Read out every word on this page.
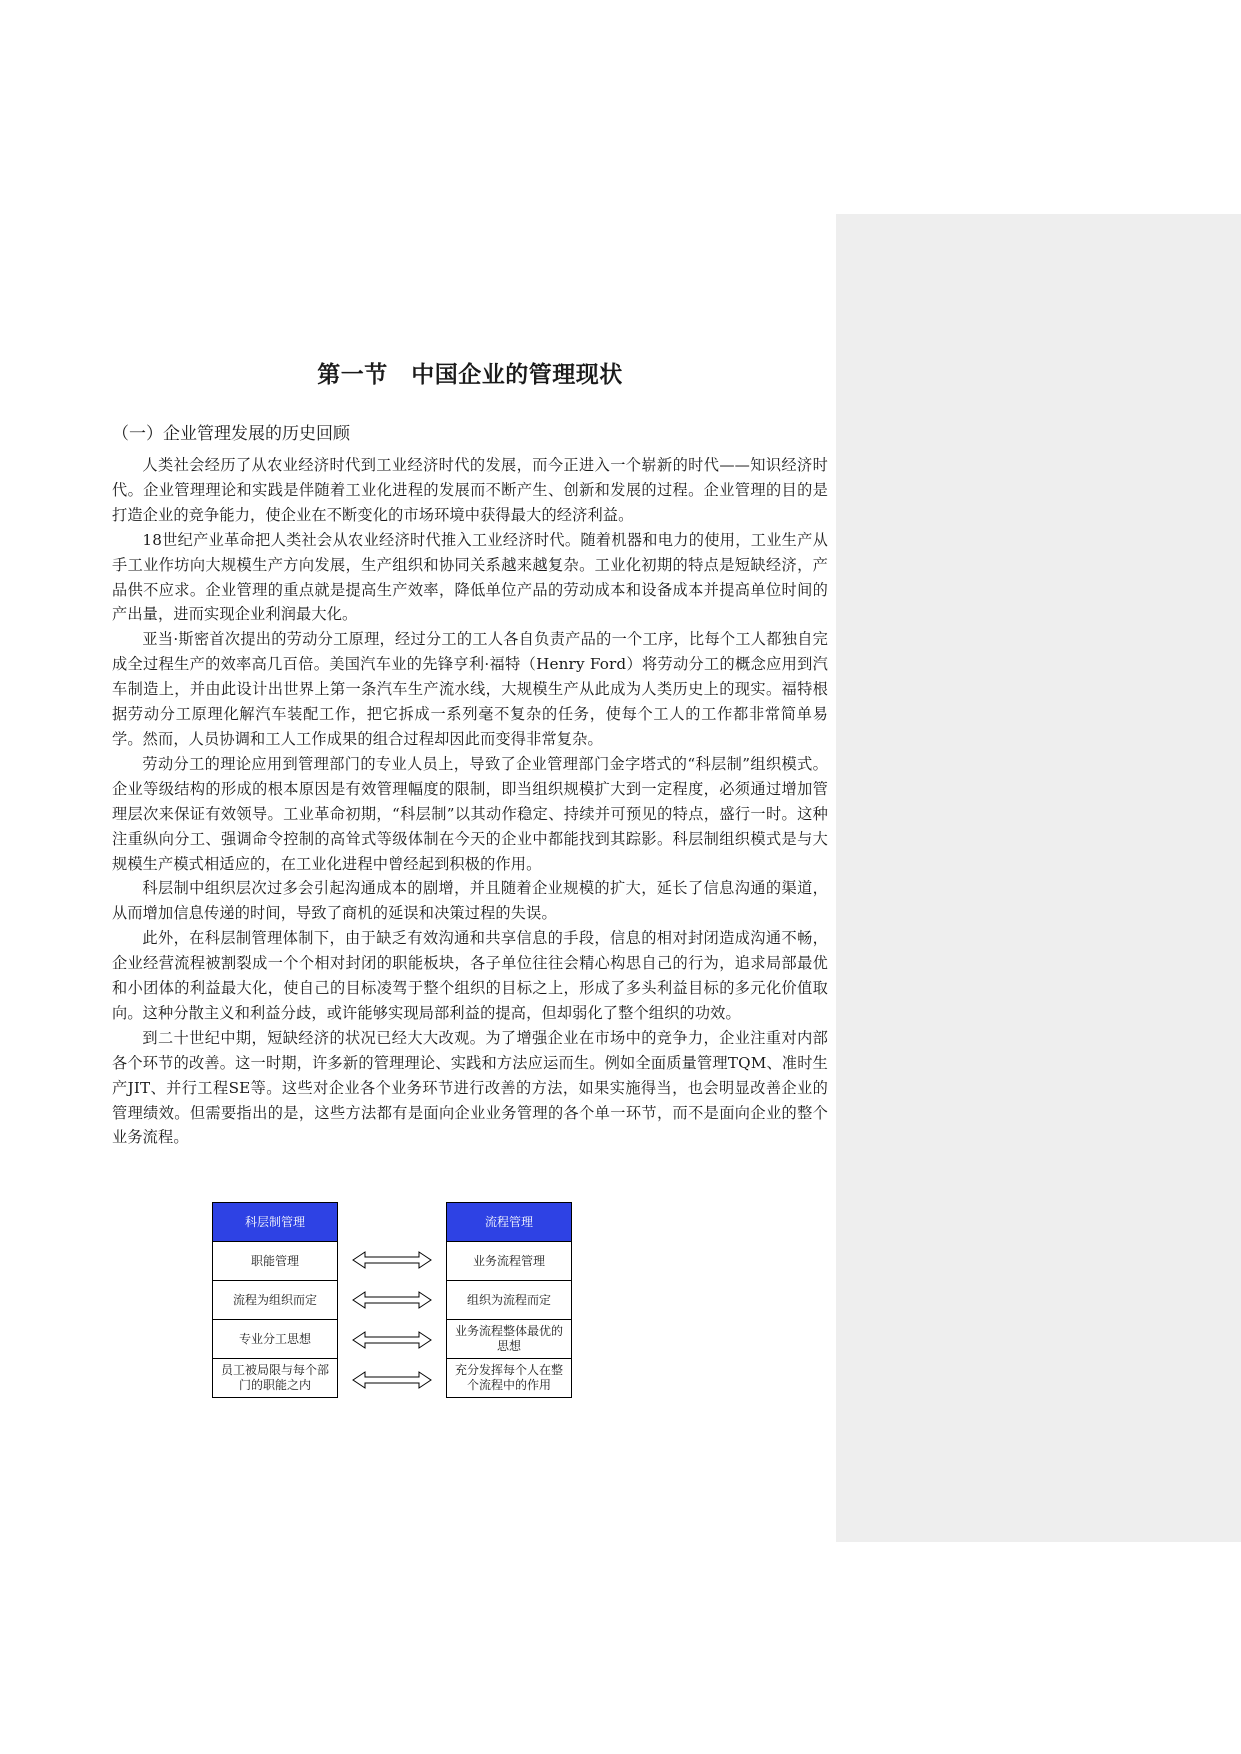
第一节　中国企业的管理现状
（一）企业管理发展的历史回顾

人类社会经历了从农业经济时代到工业经济时代的发展，而今正进入一个崭新的时代——知识经济时代。企业管理理论和实践是伴随着工业化进程的发展而不断产生、创新和发展的过程。企业管理的目的是打造企业的竞争能力，使企业在不断变化的市场环境中获得最大的经济利益。

18世纪产业革命把人类社会从农业经济时代推入工业经济时代。随着机器和电力的使用，工业生产从手工业作坊向大规模生产方向发展，生产组织和协同关系越来越复杂。工业化初期的特点是短缺经济，产品供不应求。企业管理的重点就是提高生产效率，降低单位产品的劳动成本和设备成本并提高单位时间的产出量，进而实现企业利润最大化。

亚当·斯密首次提出的劳动分工原理，经过分工的工人各自负责产品的一个工序，比每个工人都独自完成全过程生产的效率高几百倍。美国汽车业的先锋亨利·福特（Henry Ford）将劳动分工的概念应用到汽车制造上，并由此设计出世界上第一条汽车生产流水线，大规模生产从此成为人类历史上的现实。福特根据劳动分工原理化解汽车装配工作，把它拆成一系列毫不复杂的任务，使每个工人的工作都非常简单易学。然而，人员协调和工人工作成果的组合过程却因此而变得非常复杂。

劳动分工的理论应用到管理部门的专业人员上，导致了企业管理部门金字塔式的“科层制”组织模式。企业等级结构的形成的根本原因是有效管理幅度的限制，即当组织规模扩大到一定程度，必须通过增加管理层次来保证有效领导。工业革命初期，“科层制”以其动作稳定、持续并可预见的特点，盛行一时。这种注重纵向分工、强调命令控制的高耸式等级体制在今天的企业中都能找到其踪影。科层制组织模式是与大规模生产模式相适应的，在工业化进程中曾经起到积极的作用。

科层制中组织层次过多会引起沟通成本的剧增，并且随着企业规模的扩大，延长了信息沟通的渠道，从而增加信息传递的时间，导致了商机的延误和决策过程的失误。

此外，在科层制管理体制下，由于缺乏有效沟通和共享信息的手段，信息的相对封闭造成沟通不畅，企业经营流程被割裂成一个个相对封闭的职能板块，各子单位往往会精心构思自己的行为，追求局部最优和小团体的利益最大化，使自己的目标凌驾于整个组织的目标之上，形成了多头利益目标的多元化价值取向。这种分散主义和利益分歧，或许能够实现局部利益的提高，但却弱化了整个组织的功效。

到二十世纪中期，短缺经济的状况已经大大改观。为了增强企业在市场中的竞争力，企业注重对内部各个环节的改善。这一时期，许多新的管理理论、实践和方法应运而生。例如全面质量管理TQM、准时生产JIT、并行工程SE等。这些对企业各个业务环节进行改善的方法，如果实施得当，也会明显改善企业的管理绩效。但需要指出的是，这些方法都有是面向企业业务管理的各个单一环节，而不是面向企业的整个业务流程。

科层制管理
职能管理
流程为组织而定
专业分工思想
员工被局限与每个部门的职能之内
流程管理
业务流程管理
组织为流程而定
业务流程整体最优的思想
充分发挥每个人在整个流程中的作用
